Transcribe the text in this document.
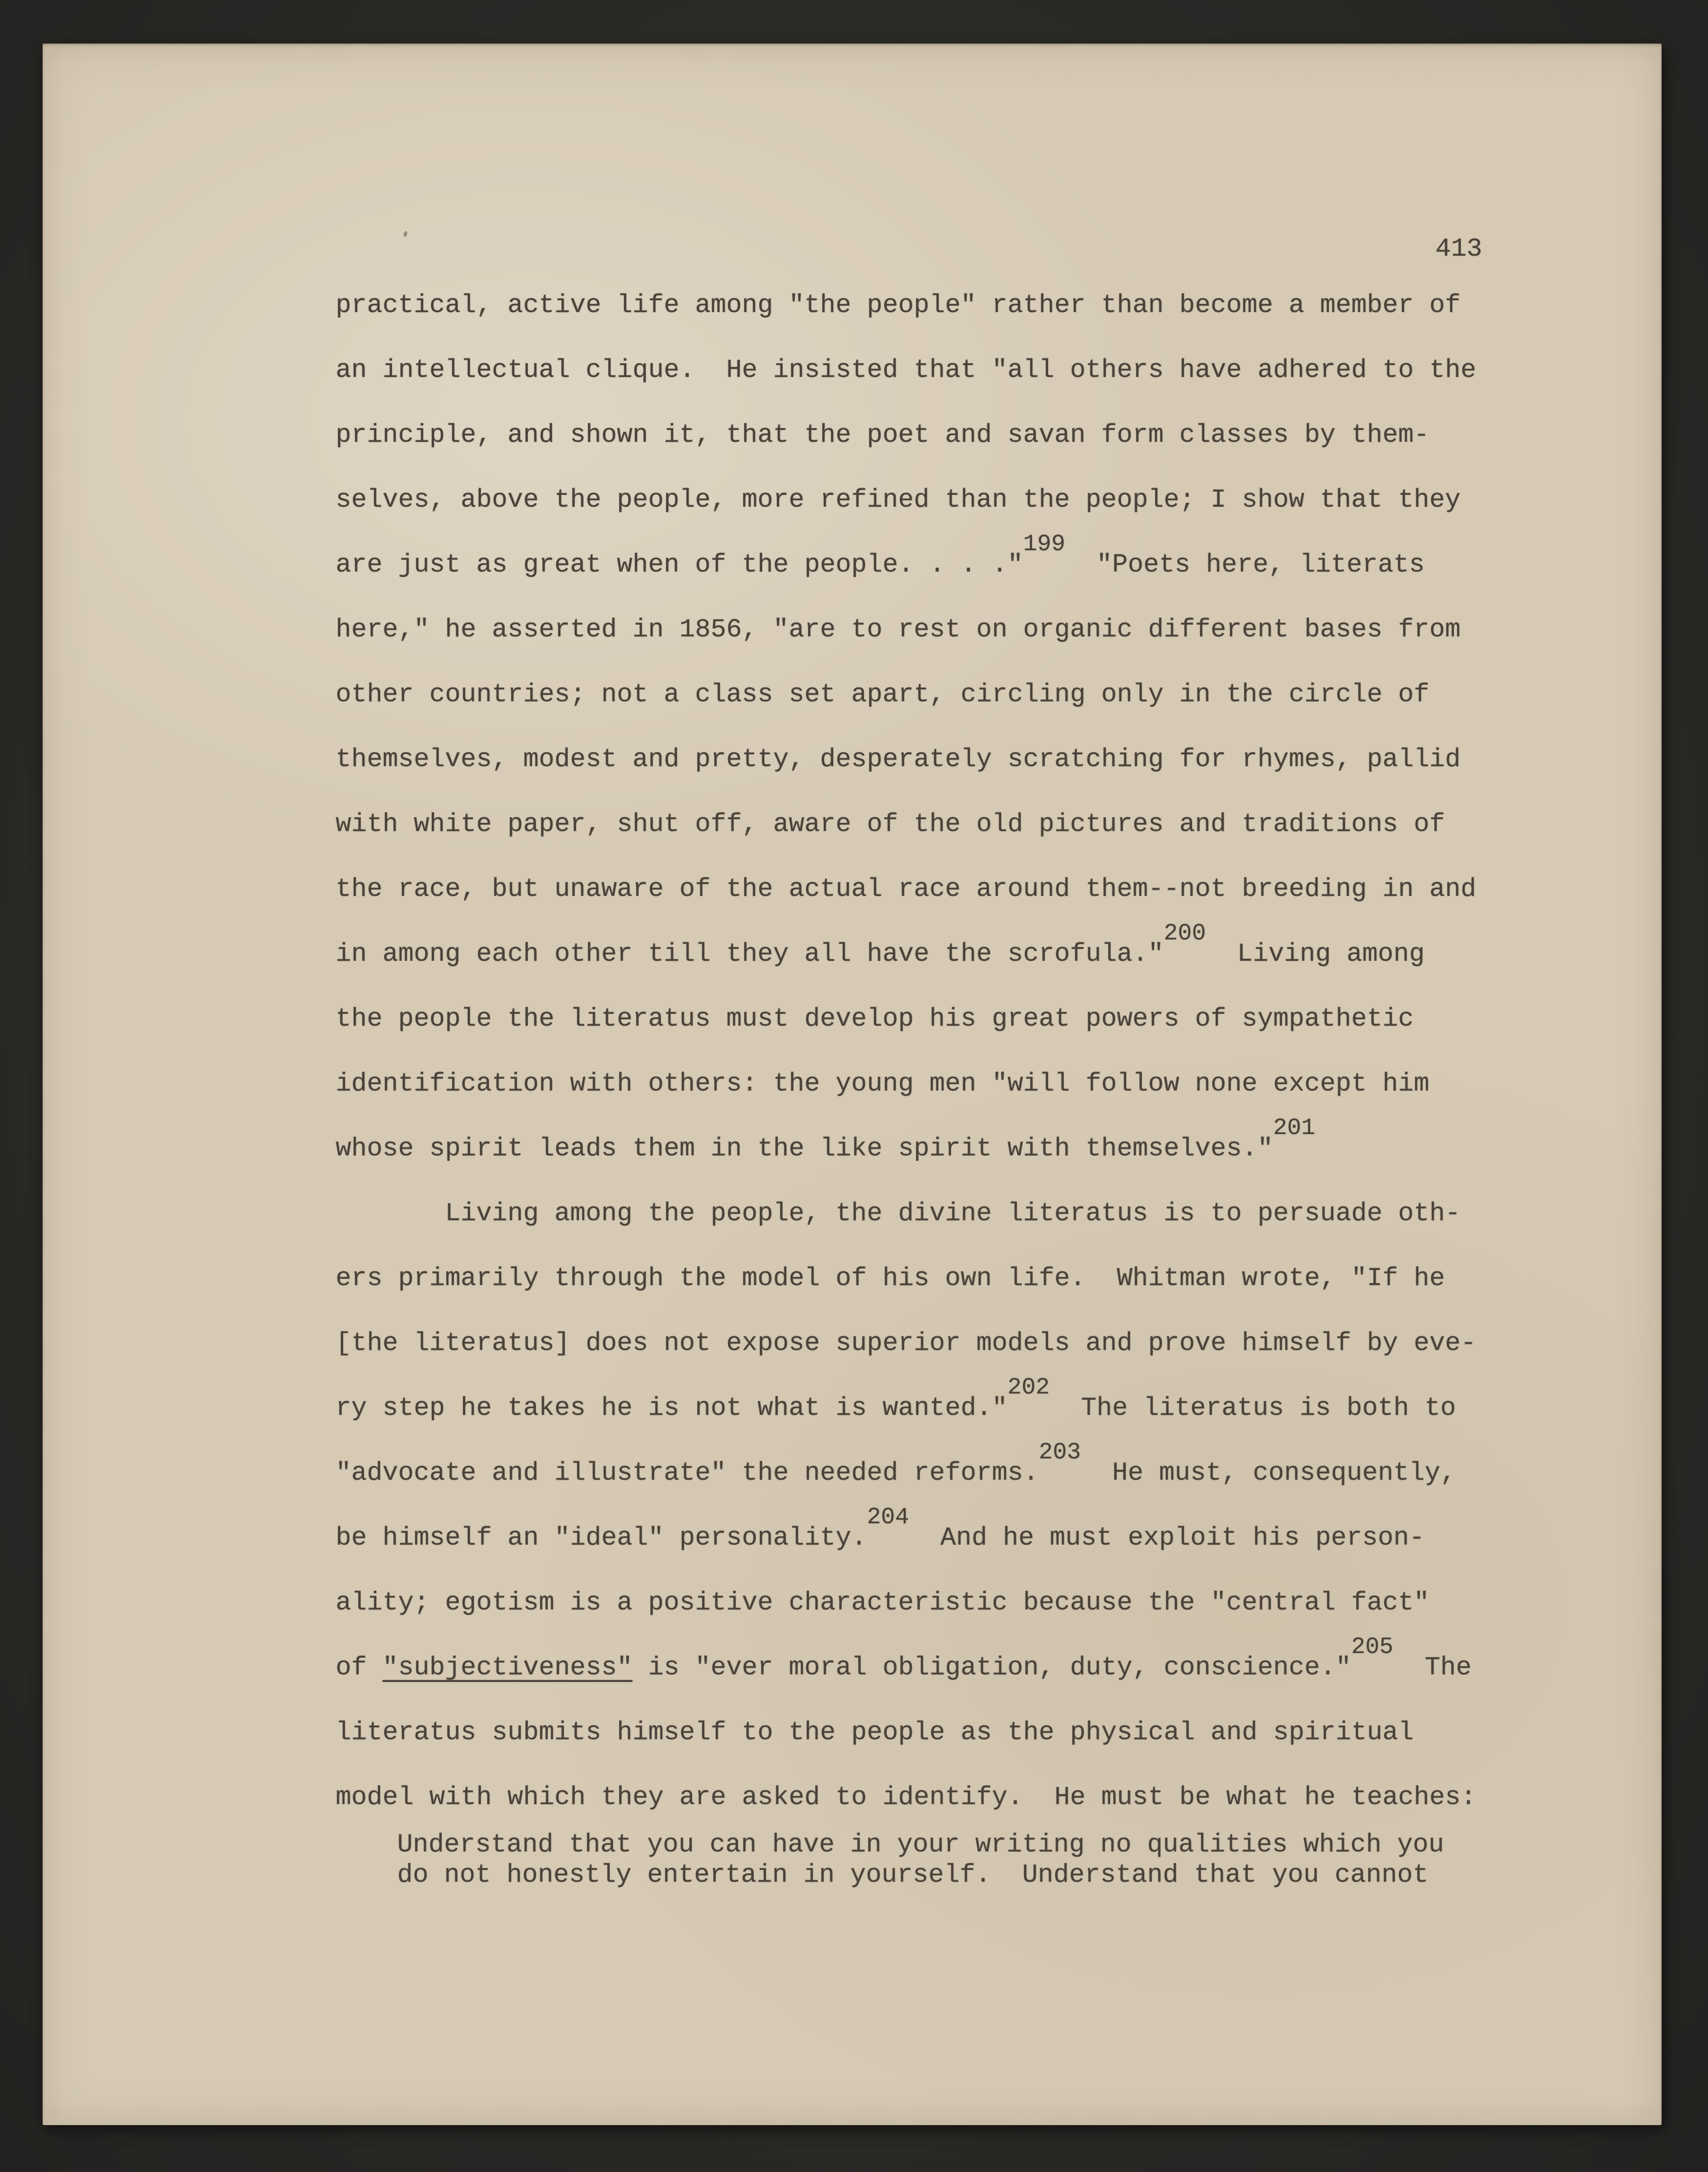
413
practical, active life among "the people" rather than become a member of
an intellectual clique.  He insisted that "all others have adhered to the
principle, and shown it, that the poet and savan form classes by them-
selves, above the people, more refined than the people; I show that they
are just as great when of the people. . . ."$^{199}$  "Poets here, literats
here," he asserted in 1856, "are to rest on organic different bases from
other countries; not a class set apart, circling only in the circle of
themselves, modest and pretty, desperately scratching for rhymes, pallid
with white paper, shut off, aware of the old pictures and traditions of
the race, but unaware of the actual race around them--not breeding in and
in among each other till they all have the scrofula."$^{200}$  Living among
the people the literatus must develop his great powers of sympathetic
identification with others: the young men "will follow none except him
whose spirit leads them in the like spirit with themselves."$^{201}$
Living among the people, the divine literatus is to persuade oth-
ers primarily through the model of his own life.  Whitman wrote, "If he
[the literatus] does not expose superior models and prove himself by eve-
ry step he takes he is not what is wanted."$^{202}$  The literatus is both to
"advocate and illustrate" the needed reforms.$^{203}$  He must, consequently,
be himself an "ideal" personality.$^{204}$  And he must exploit his person-
ality; egotism is a positive characteristic because the "central fact"
of "subjectiveness" is "ever moral obligation, duty, conscience."$^{205}$  The
literatus submits himself to the people as the physical and spiritual
model with which they are asked to identify.  He must be what he teaches:
Understand that you can have in your writing no qualities which you
do not honestly entertain in yourself.  Understand that you cannot
